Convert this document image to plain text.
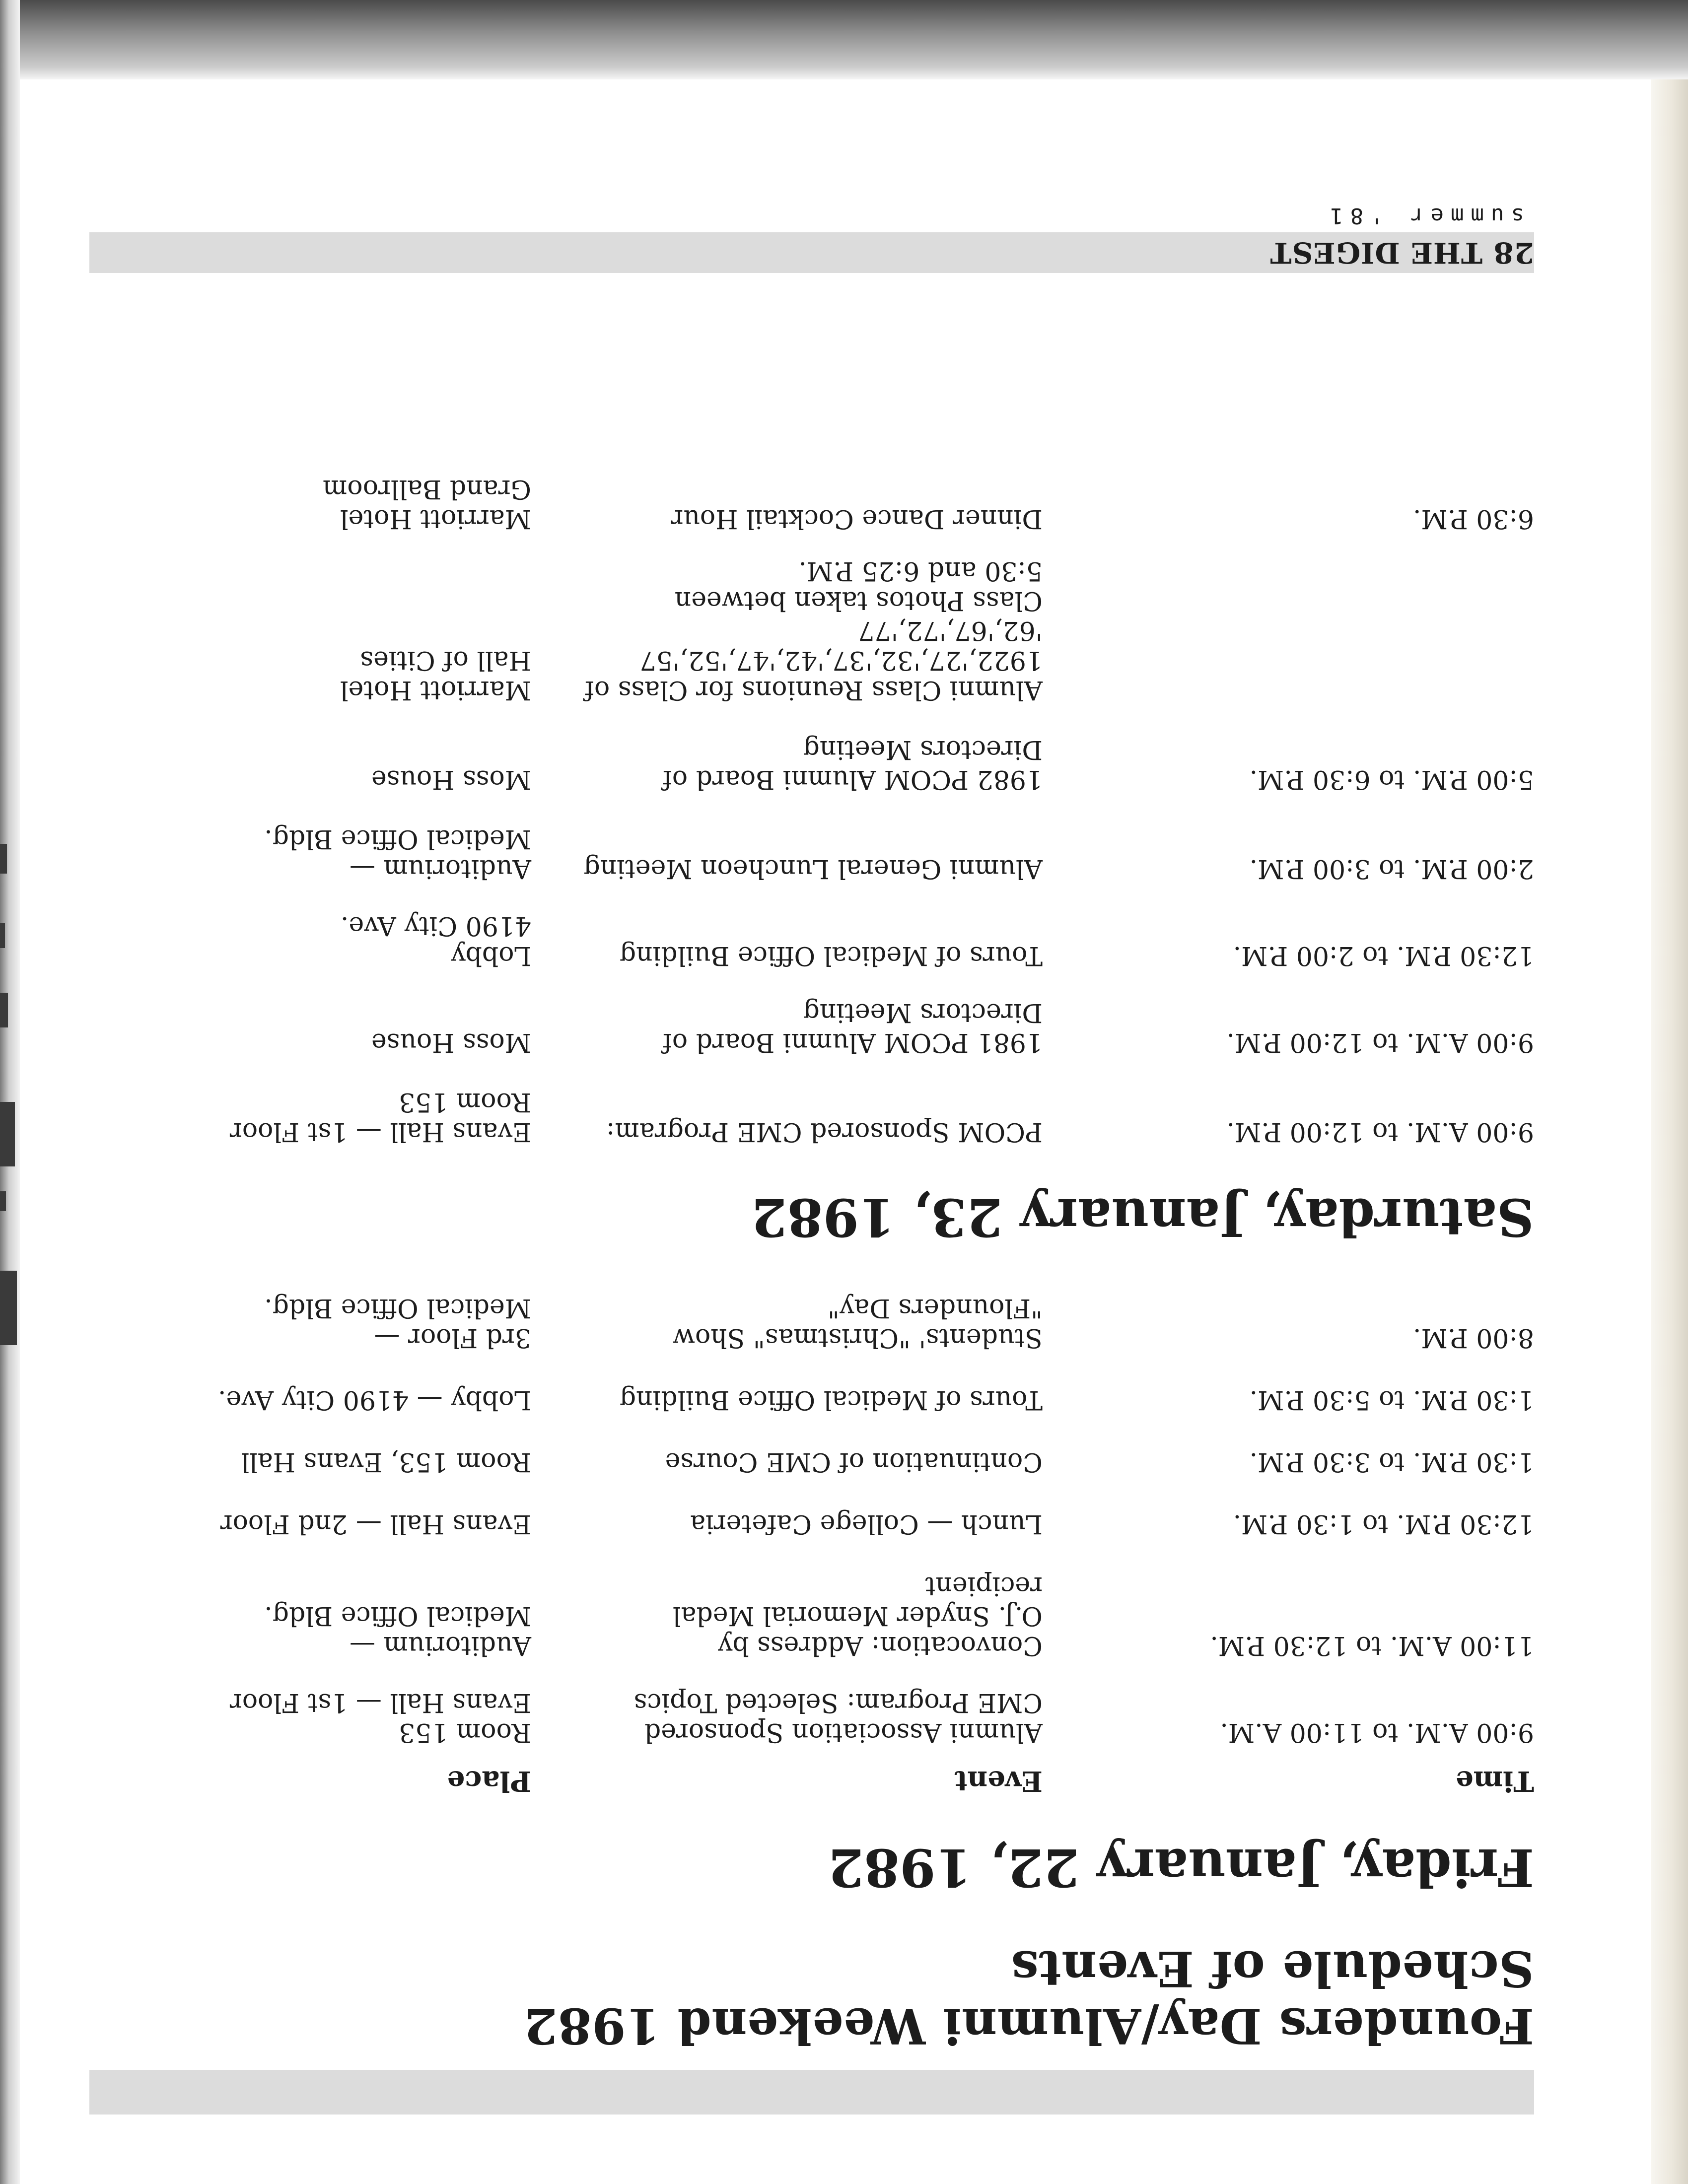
Founders Day/Alumni Weekend 1982
Schedule of Events
Friday, January 22, 1982
Time
Event
Place
9:00 A.M. to 11:00 A.M.
Alumni Association Sponsored
CME Program: Selected Topics
Room 153
Evans Hall — 1st Floor
11:00 A.M. to 12:30 P.M.
Convocation: Address by
O.J. Snyder Memorial Medal
recipient
Auditorium —
Medical Office Bldg.
12:30 P.M. to 1:30 P.M.
Lunch — College Cafeteria
Evans Hall — 2nd Floor
1:30 P.M. to 3:30 P.M.
Continuation of CME Course
Room 153, Evans Hall
1:30 P.M. to 5:30 P.M.
Tours of Medical Office Building
Lobby — 4190 City Ave.
8:00 P.M.
Students' "Christmas" Show
"Flounders Day"
3rd Floor —
Medical Office Bldg.
Saturday, January 23, 1982
9:00 A.M. to 12:00 P.M.
PCOM Sponsored CME Program:
Evans Hall — 1st Floor
Room 153
9:00 A.M. to 12:00 P.M.
1981 PCOM Alumni Board of
Directors Meeting
Moss House
12:30 P.M. to 2:00 P.M.
Tours of Medical Office Building
Lobby
4190 City Ave.
2:00 P.M. to 3:00 P.M.
Alumni General Luncheon Meeting
Auditorium —
Medical Office Bldg.
5:00 P.M. to 6:30 P.M.
1982 PCOM Alumni Board of
Directors Meeting
Moss House
Alumni Class Reunions for Class of
1922,'27,'32,'37,'42,'47,'52,'57
'62,'67,'72,'77
Class Photos taken between
5:30 and 6:25 P.M.
Marriott Hotel
Hall of Cities
6:30 P.M.
Dinner Dance Cocktail Hour
Marriott Hotel
Grand Ballroom
28 THE DIGEST
summer '81
